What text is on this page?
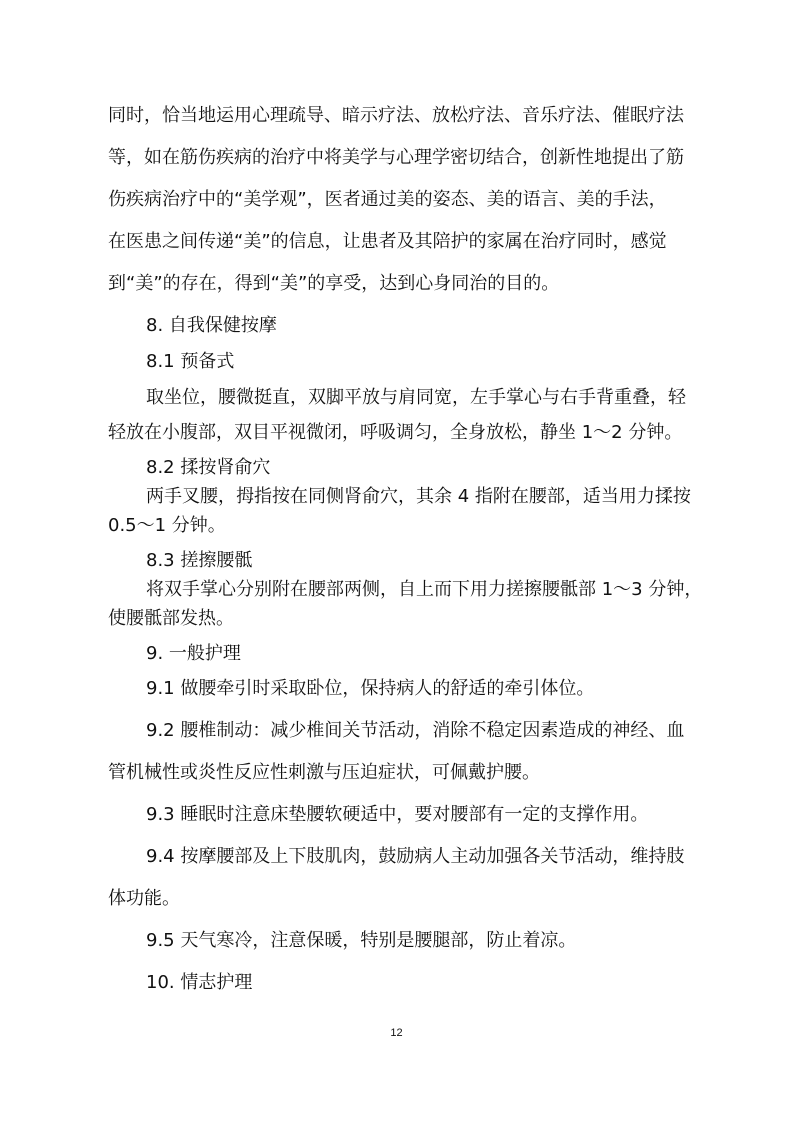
同时，恰当地运用心理疏导、暗示疗法、放松疗法、音乐疗法、催眠疗法
等，如在筋伤疾病的治疗中将美学与心理学密切结合，创新性地提出了筋
伤疾病治疗中的“美学观”，医者通过美的姿态、美的语言、美的手法，
在医患之间传递“美”的信息，让患者及其陪护的家属在治疗同时，感觉
到“美”的存在，得到“美”的享受，达到心身同治的目的。
8. 自我保健按摩
8.1 预备式
取坐位，腰微挺直，双脚平放与肩同宽，左手掌心与右手背重叠，轻
轻放在小腹部，双目平视微闭，呼吸调匀，全身放松，静坐 1～2 分钟。
8.2 揉按肾俞穴
两手叉腰，拇指按在同侧肾俞穴，其余 4 指附在腰部，适当用力揉按
0.5～1 分钟。
8.3 搓擦腰骶
将双手掌心分别附在腰部两侧，自上而下用力搓擦腰骶部 1～3 分钟，
使腰骶部发热。
9. 一般护理
9.1 做腰牵引时采取卧位，保持病人的舒适的牵引体位。
9.2 腰椎制动：减少椎间关节活动，消除不稳定因素造成的神经、血
管机械性或炎性反应性刺激与压迫症状，可佩戴护腰。
9.3 睡眠时注意床垫腰软硬适中，要对腰部有一定的支撑作用。
9.4 按摩腰部及上下肢肌肉，鼓励病人主动加强各关节活动，维持肢
体功能。
9.5 天气寒冷，注意保暖，特别是腰腿部，防止着凉。
10. 情志护理
12
